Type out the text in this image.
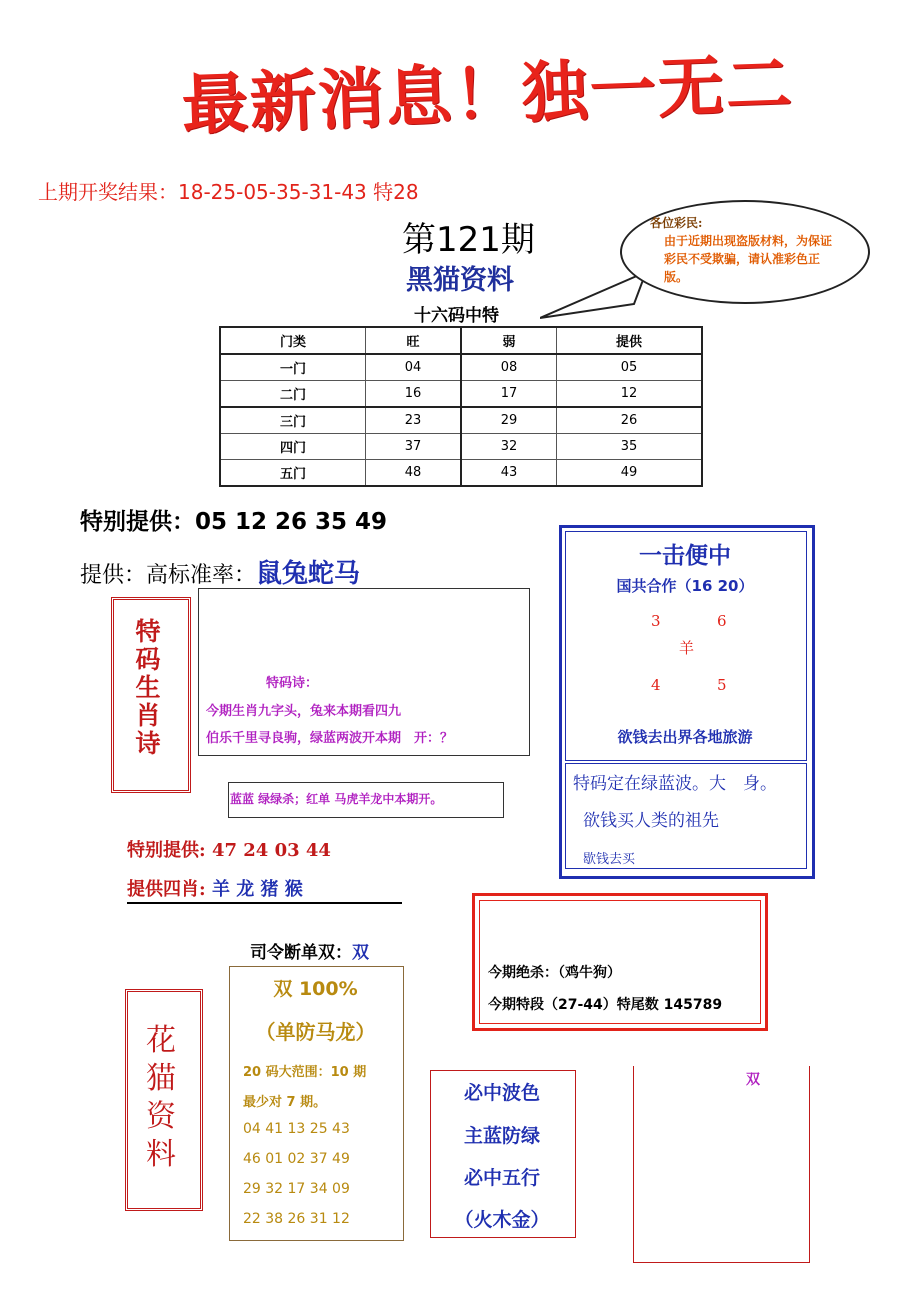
最新消息！独一无二
上期开奖结果：18-25-05-35-31-43 特28
第121期
黑猫资料
十六码中特
各位彩民:
由于近期出现盗版材料，为保证彩民不受欺骗，请认准彩色正版。
门类	旺	弱	提供
一门	04	08	05
二门	16	17	12
三门	23	29	26
四门	37	32	35
五门	48	43	49
特别提供：05 12 26 35 49
提供：高标准率：鼠兔蛇马
特
码
生
肖
诗
特码诗：
今期生肖九字头，兔来本期看四九
伯乐千里寻良驹，绿蓝两波开本期　开：？
蓝蓝 绿绿杀；红单 马虎羊龙中本期开。
一击便中
国共合作（16 20）
3	6
羊
4	5
欲钱去出界各地旅游
特码定在绿蓝波。大　身。
欲钱买人类的祖先
歇钱去买
特别提供: 47 24 03 44
提供四肖: 羊 龙 猪 猴
司令断单双：双
今期绝杀：（鸡牛狗）
今期特段（27-44）特尾数 145789
花
猫
资
料
双 100%
（单防马龙）
20 码大范围：10 期
最少对 7 期。
04 41 13 25 43
46 01 02 37 49
29 32 17 34 09
22 38 26 31 12
必中波色
主蓝防绿
必中五行
（火木金）
双
